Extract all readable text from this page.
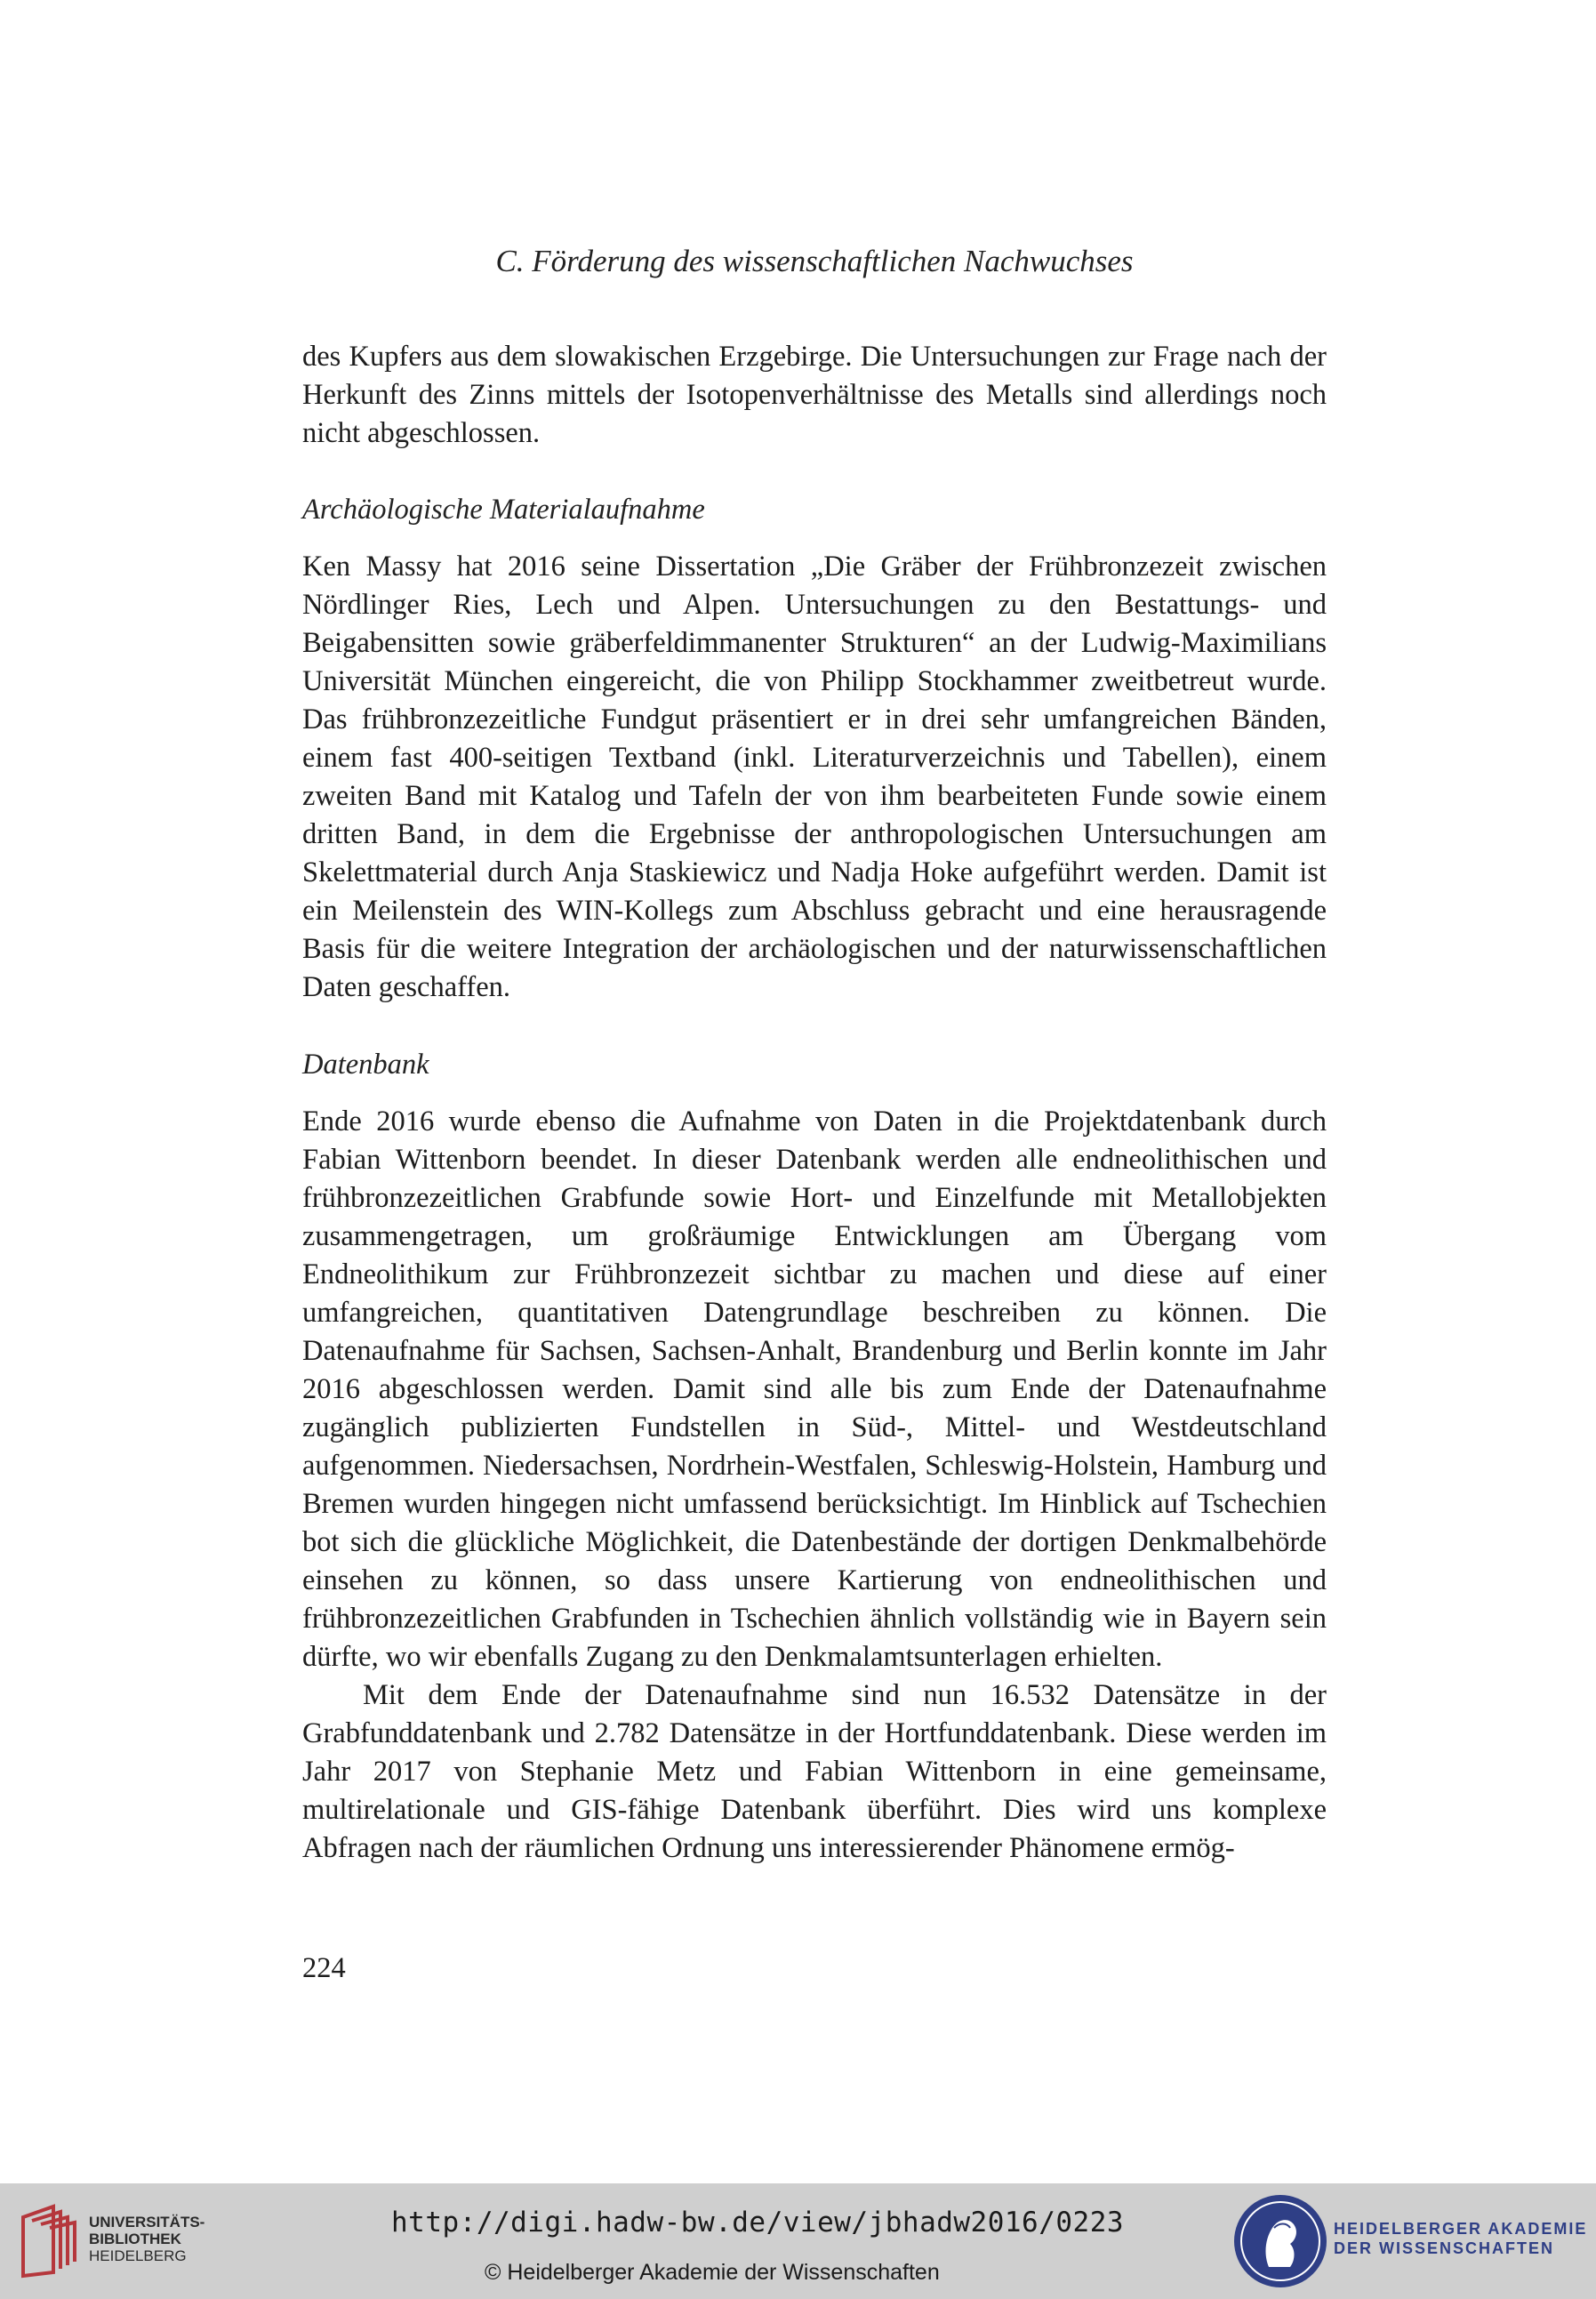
C. Förderung des wissenschaftlichen Nachwuchses

des Kupfers aus dem slowakischen Erzgebirge. Die Untersuchungen zur Frage nach der Herkunft des Zinns mittels der Isotopenverhältnisse des Metalls sind allerdings noch nicht abgeschlossen.

Archäologische Materialaufnahme

Ken Massy hat 2016 seine Dissertation „Die Gräber der Frühbronzezeit zwischen Nördlinger Ries, Lech und Alpen. Untersuchungen zu den Bestattungs- und Beigabensitten sowie gräberfeldimmanenter Strukturen“ an der Ludwig-Maximilians Universität München eingereicht, die von Philipp Stockhammer zweitbetreut wurde. Das frühbronzezeitliche Fundgut präsentiert er in drei sehr umfangreichen Bänden, einem fast 400-seitigen Textband (inkl. Literaturverzeichnis und Tabellen), einem zweiten Band mit Katalog und Tafeln der von ihm bearbeiteten Funde sowie einem dritten Band, in dem die Ergebnisse der anthropologischen Untersuchungen am Skelettmaterial durch Anja Staskiewicz und Nadja Hoke aufgeführt werden. Damit ist ein Meilenstein des WIN-Kollegs zum Abschluss gebracht und eine herausragende Basis für die weitere Integration der archäologischen und der naturwissenschaftlichen Daten geschaffen.

Datenbank

Ende 2016 wurde ebenso die Aufnahme von Daten in die Projektdatenbank durch Fabian Wittenborn beendet. In dieser Datenbank werden alle endneolithischen und frühbronzezeitlichen Grabfunde sowie Hort- und Einzelfunde mit Metallobjekten zusammengetragen, um großräumige Entwicklungen am Übergang vom Endneolithikum zur Frühbronzezeit sichtbar zu machen und diese auf einer umfangreichen, quantitativen Datengrundlage beschreiben zu können. Die Datenaufnahme für Sachsen, Sachsen-Anhalt, Brandenburg und Berlin konnte im Jahr 2016 abgeschlossen werden. Damit sind alle bis zum Ende der Datenaufnahme zugänglich publizierten Fundstellen in Süd-, Mittel- und Westdeutschland aufgenommen. Niedersachsen, Nordrhein-Westfalen, Schleswig-Holstein, Hamburg und Bremen wurden hingegen nicht umfassend berücksichtigt. Im Hinblick auf Tschechien bot sich die glückliche Möglichkeit, die Datenbestände der dortigen Denkmalbehörde einsehen zu können, so dass unsere Kartierung von endneolithischen und frühbronzezeitlichen Grabfunden in Tschechien ähnlich vollständig wie in Bayern sein dürfte, wo wir ebenfalls Zugang zu den Denkmalamtsunterlagen erhielten.

Mit dem Ende der Datenaufnahme sind nun 16.532 Datensätze in der Grabfunddatenbank und 2.782 Datensätze in der Hortfunddatenbank. Diese werden im Jahr 2017 von Stephanie Metz und Fabian Wittenborn in eine gemeinsame, multirelationale und GIS-fähige Datenbank überführt. Dies wird uns komplexe Abfragen nach der räumlichen Ordnung uns interessierender Phänomene ermög-

224
UNIVERSITÄTS-
BIBLIOTHEK
HEIDELBERG
http://digi.hadw-bw.de/view/jbhadw2016/0223
© Heidelberger Akademie der Wissenschaften
HEIDELBERGER AKADEMIE
DER WISSENSCHAFTEN
